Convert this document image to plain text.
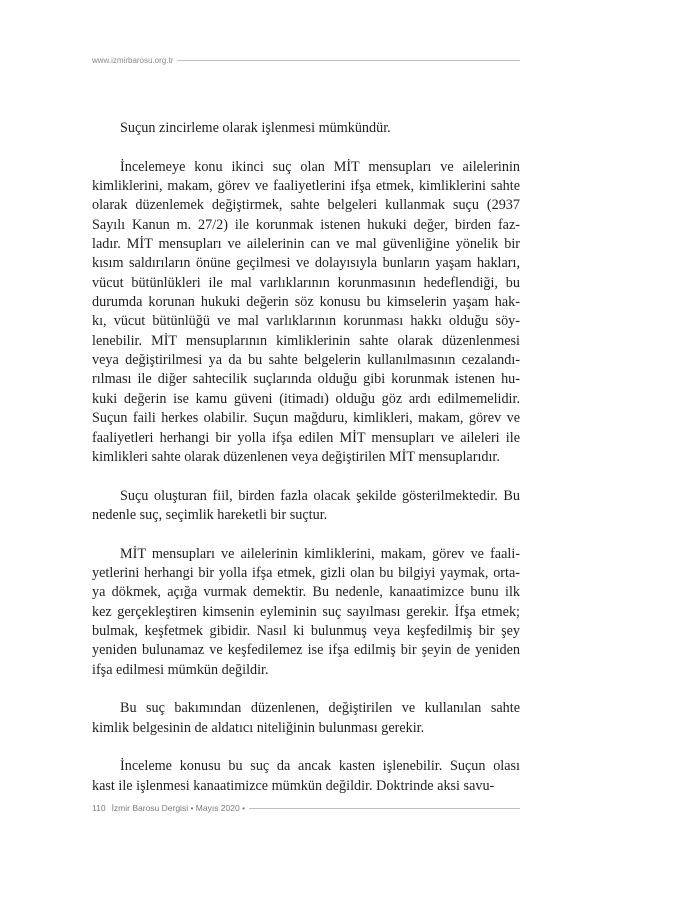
www.izmirbarosu.org.tr
Suçun zincirleme olarak işlenmesi mümkündür.
İncelemeye konu ikinci suç olan MİT mensupları ve ailelerinin
kimliklerini, makam, görev ve faaliyetlerini ifşa etmek, kimliklerini sahte
olarak düzenlemek değiştirmek, sahte belgeleri kullanmak suçu (2937
Sayılı Kanun m. 27/2) ile korunmak istenen hukuki değer, birden faz-
ladır. MİT mensupları ve ailelerinin can ve mal güvenliğine yönelik bir
kısım saldırıların önüne geçilmesi ve dolayısıyla bunların yaşam hakları,
vücut bütünlükleri ile mal varlıklarının korunmasının hedeflendiği, bu
durumda korunan hukuki değerin söz konusu bu kimselerin yaşam hak-
kı, vücut bütünlüğü ve mal varlıklarının korunması hakkı olduğu söy-
lenebilir. MİT mensuplarının kimliklerinin sahte olarak düzenlenmesi
veya değiştirilmesi ya da bu sahte belgelerin kullanılmasının cezalandı-
rılması ile diğer sahtecilik suçlarında olduğu gibi korunmak istenen hu-
kuki değerin ise kamu güveni (itimadı) olduğu göz ardı edilmemelidir.
Suçun faili herkes olabilir. Suçun mağduru, kimlikleri, makam, görev ve
faaliyetleri herhangi bir yolla ifşa edilen MİT mensupları ve aileleri ile
kimlikleri sahte olarak düzenlenen veya değiştirilen MİT mensuplarıdır.
Suçu oluşturan fiil, birden fazla olacak şekilde gösterilmektedir. Bu
nedenle suç, seçimlik hareketli bir suçtur.
MİT mensupları ve ailelerinin kimliklerini, makam, görev ve faali-
yetlerini herhangi bir yolla ifşa etmek, gizli olan bu bilgiyi yaymak, orta-
ya dökmek, açığa vurmak demektir. Bu nedenle, kanaatimizce bunu ilk
kez gerçekleştiren kimsenin eyleminin suç sayılması gerekir. İfşa etmek;
bulmak, keşfetmek gibidir. Nasıl ki bulunmuş veya keşfedilmiş bir şey
yeniden bulunamaz ve keşfedilemez ise ifşa edilmiş bir şeyin de yeniden
ifşa edilmesi mümkün değildir.
Bu suç bakımından düzenlenen, değiştirilen ve kullanılan sahte
kimlik belgesinin de aldatıcı niteliğinin bulunması gerekir.
İnceleme konusu bu suç da ancak kasten işlenebilir. Suçun olası
kast ile işlenmesi kanaatimizce mümkün değildir. Doktrinde aksi savu-
110 İzmir Barosu Dergisi • Mayıs 2020 •
